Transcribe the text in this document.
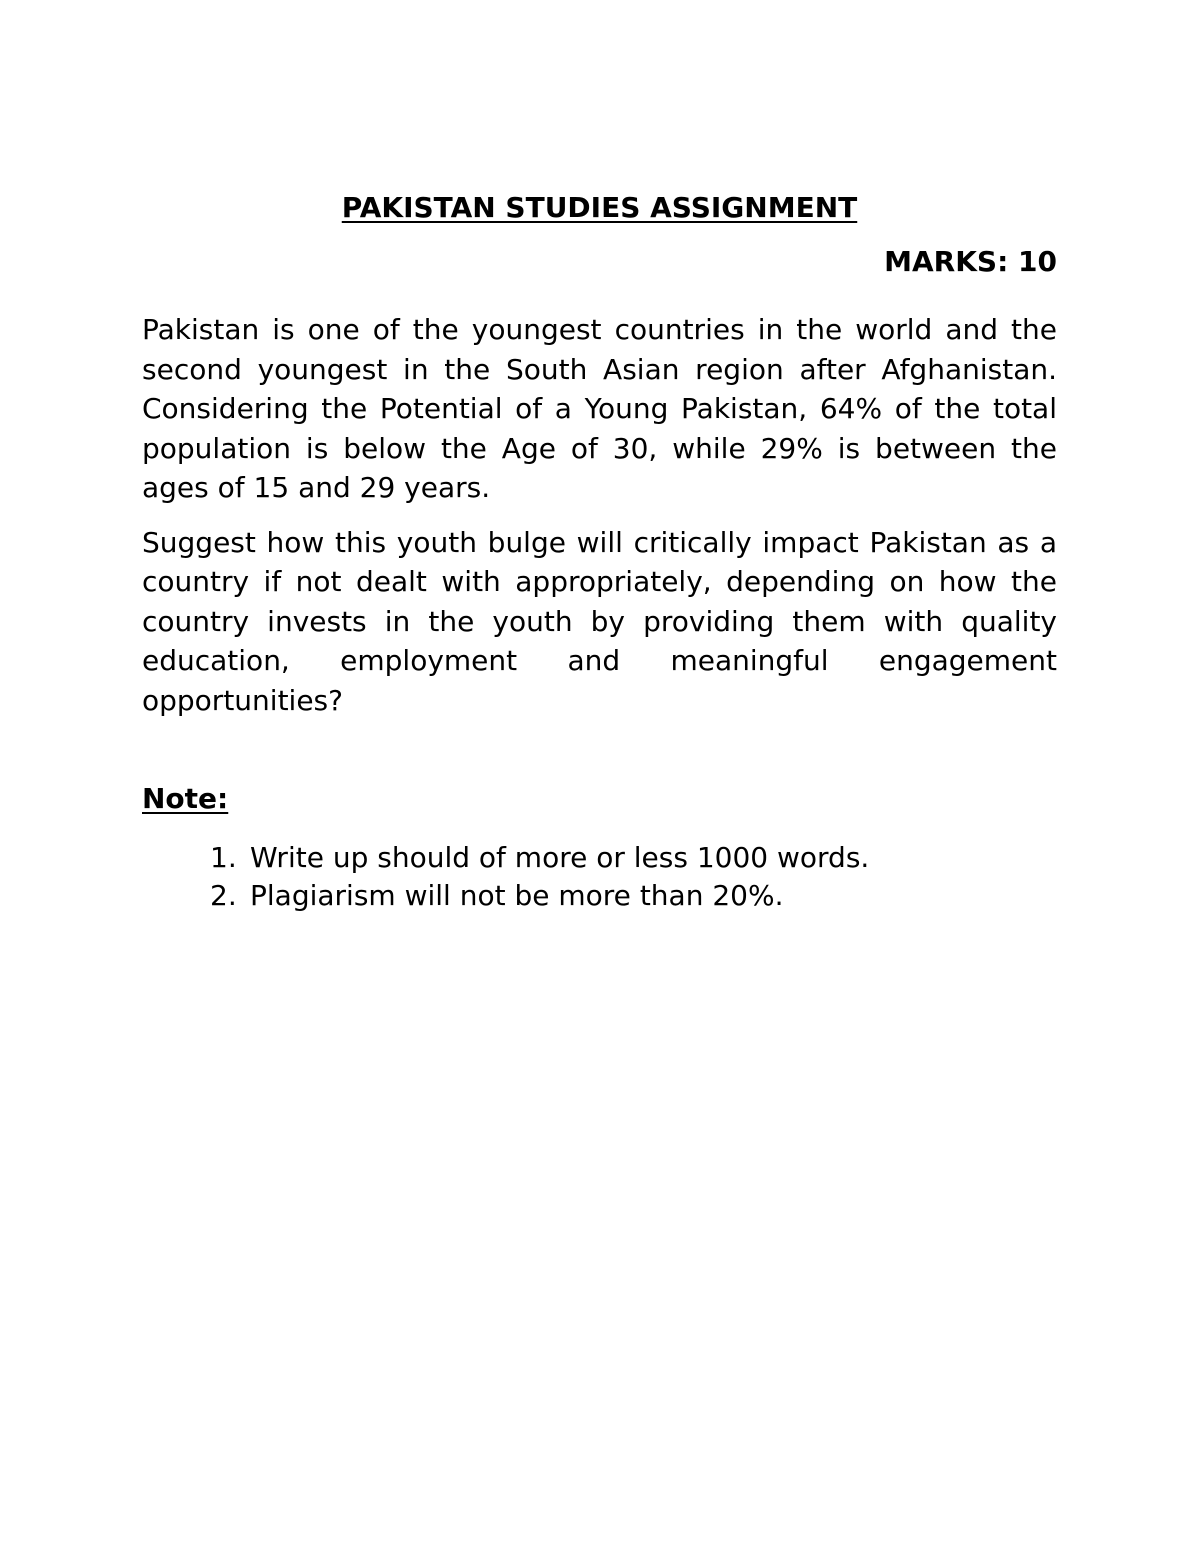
PAKISTAN STUDIES ASSIGNMENT

MARKS: 10

Pakistan is one of the youngest countries in the world and the second youngest in the South Asian region after Afghanistan. Considering the Potential of a Young Pakistan, 64% of the total population is below the Age of 30, while 29% is between the ages of 15 and 29 years.

Suggest how this youth bulge will critically impact Pakistan as a country if not dealt with appropriately, depending on how the country invests in the youth by providing them with quality education, employment and meaningful engagement opportunities?

Note:

1. Write up should of more or less 1000 words.
2. Plagiarism will not be more than 20%.
